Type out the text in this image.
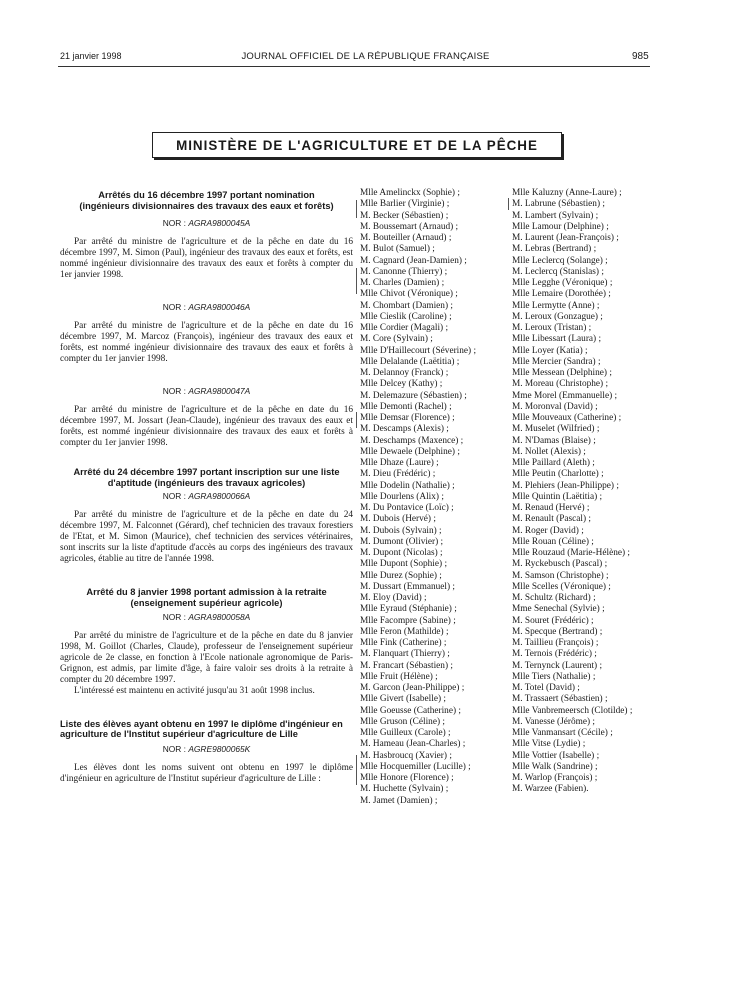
21 janvier 1998	JOURNAL OFFICIEL DE LA RÉPUBLIQUE FRANÇAISE	985
MINISTÈRE DE L'AGRICULTURE ET DE LA PÊCHE

Arrêtés du 16 décembre 1997 portant nomination (ingénieurs divisionnaires des travaux des eaux et forêts)

NOR : AGRA9800045A

Par arrêté du ministre de l'agriculture et de la pêche en date du 16 décembre 1997, M. Simon (Paul), ingénieur des travaux des eaux et forêts, est nommé ingénieur divisionnaire des travaux des eaux et forêts à compter du 1er janvier 1998.

NOR : AGRA9800046A

Par arrêté du ministre de l'agriculture et de la pêche en date du 16 décembre 1997, M. Marcoz (François), ingénieur des travaux des eaux et forêts, est nommé ingénieur divisionnaire des travaux des eaux et forêts à compter du 1er janvier 1998.

NOR : AGRA9800047A

Par arrêté du ministre de l'agriculture et de la pêche en date du 16 décembre 1997, M. Jossart (Jean-Claude), ingénieur des travaux des eaux et forêts, est nommé ingénieur divisionnaire des travaux des eaux et forêts à compter du 1er janvier 1998.

Arrêté du 24 décembre 1997 portant inscription sur une liste d'aptitude (ingénieurs des travaux agricoles)

NOR : AGRA9800066A

Par arrêté du ministre de l'agriculture et de la pêche en date du 24 décembre 1997, M. Falconnet (Gérard), chef technicien des travaux forestiers de l'Etat, et M. Simon (Maurice), chef technicien des services vétérinaires, sont inscrits sur la liste d'aptitude d'accès au corps des ingénieurs des travaux agricoles, établie au titre de l'année 1998.

Arrêté du 8 janvier 1998 portant admission à la retraite (enseignement supérieur agricole)

NOR : AGRA9800058A

Par arrêté du ministre de l'agriculture et de la pêche en date du 8 janvier 1998, M. Goillot (Charles, Claude), professeur de l'enseignement supérieur agricole de 2e classe, en fonction à l'Ecole nationale agronomique de Paris-Grignon, est admis, par limite d'âge, à faire valoir ses droits à la retraite à compter du 20 décembre 1997.

L'intéressé est maintenu en activité jusqu'au 31 août 1998 inclus.

Liste des élèves ayant obtenu en 1997 le diplôme d'ingénieur en agriculture de l'Institut supérieur d'agriculture de Lille

NOR : AGRE9800065K

Les élèves dont les noms suivent ont obtenu en 1997 le diplôme d'ingénieur en agriculture de l'Institut supérieur d'agriculture de Lille :

Mlle Amelinckx (Sophie) ;
Mlle Barlier (Virginie) ;
M. Becker (Sébastien) ;
M. Boussemart (Arnaud) ;
M. Bouteiller (Arnaud) ;
M. Bulot (Samuel) ;
M. Cagnard (Jean-Damien) ;
M. Canonne (Thierry) ;
M. Charles (Damien) ;
Mlle Chivot (Véronique) ;
M. Chombart (Damien) ;
Mlle Cieslik (Caroline) ;
Mlle Cordier (Magali) ;
M. Core (Sylvain) ;
Mlle D'Haillecourt (Séverine) ;
Mlle Delalande (Laëtitia) ;
M. Delannoy (Franck) ;
Mlle Delcey (Kathy) ;
M. Delemazure (Sébastien) ;
Mlle Demonti (Rachel) ;
Mlle Demsar (Florence) ;
M. Descamps (Alexis) ;
M. Deschamps (Maxence) ;
Mlle Dewaele (Delphine) ;
Mlle Dhaze (Laure) ;
M. Dieu (Frédéric) ;
Mlle Dodelin (Nathalie) ;
Mlle Dourlens (Alix) ;
M. Du Pontavice (Loïc) ;
M. Dubois (Hervé) ;
M. Dubois (Sylvain) ;
M. Dumont (Olivier) ;
M. Dupont (Nicolas) ;
Mlle Dupont (Sophie) ;
Mlle Durez (Sophie) ;
M. Dussart (Emmanuel) ;
M. Eloy (David) ;
Mlle Eyraud (Stéphanie) ;
Mlle Facompre (Sabine) ;
Mlle Feron (Mathilde) ;
Mlle Fink (Catherine) ;
M. Flanquart (Thierry) ;
M. Francart (Sébastien) ;
Mlle Fruit (Hélène) ;
M. Garcon (Jean-Philippe) ;
Mlle Givert (Isabelle) ;
Mlle Goeusse (Catherine) ;
Mlle Gruson (Céline) ;
Mlle Guilleux (Carole) ;
M. Hameau (Jean-Charles) ;
M. Hasbroucq (Xavier) ;
Mlle Hocquemiller (Lucille) ;
Mlle Honore (Florence) ;
M. Huchette (Sylvain) ;
M. Jamet (Damien) ;
Mlle Kaluzny (Anne-Laure) ;
M. Labrune (Sébastien) ;
M. Lambert (Sylvain) ;
Mlle Lamour (Delphine) ;
M. Laurent (Jean-François) ;
M. Lebras (Bertrand) ;
Mlle Leclercq (Solange) ;
M. Leclercq (Stanislas) ;
Mlle Legghe (Véronique) ;
Mlle Lemaire (Dorothée) ;
Mlle Lermytte (Anne) ;
M. Leroux (Gonzague) ;
M. Leroux (Tristan) ;
Mlle Libessart (Laura) ;
Mlle Loyer (Katia) ;
Mlle Mercier (Sandra) ;
Mlle Messean (Delphine) ;
M. Moreau (Christophe) ;
Mme Morel (Emmanuelle) ;
M. Moronval (David) ;
Mlle Mouveaux (Catherine) ;
M. Muselet (Wilfried) ;
M. N'Damas (Blaise) ;
M. Nollet (Alexis) ;
Mlle Paillard (Aleth) ;
Mlle Peutin (Charlotte) ;
M. Plehiers (Jean-Philippe) ;
Mlle Quintin (Laëtitia) ;
M. Renaud (Hervé) ;
M. Renault (Pascal) ;
M. Roger (David) ;
Mlle Rouan (Céline) ;
Mlle Rouzaud (Marie-Hélène) ;
M. Ryckebusch (Pascal) ;
M. Samson (Christophe) ;
Mlle Scelles (Véronique) ;
M. Schultz (Richard) ;
Mme Senechal (Sylvie) ;
M. Souret (Frédéric) ;
M. Specque (Bertrand) ;
M. Taillieu (François) ;
M. Ternois (Frédéric) ;
M. Ternynck (Laurent) ;
Mlle Tiers (Nathalie) ;
M. Totel (David) ;
M. Trassaert (Sébastien) ;
Mlle Vanbremeersch (Clotilde) ;
M. Vanesse (Jérôme) ;
Mlle Vanmansart (Cécile) ;
Mlle Vitse (Lydie) ;
Mlle Vottier (Isabelle) ;
Mlle Walk (Sandrine) ;
M. Warlop (François) ;
M. Warzee (Fabien).
